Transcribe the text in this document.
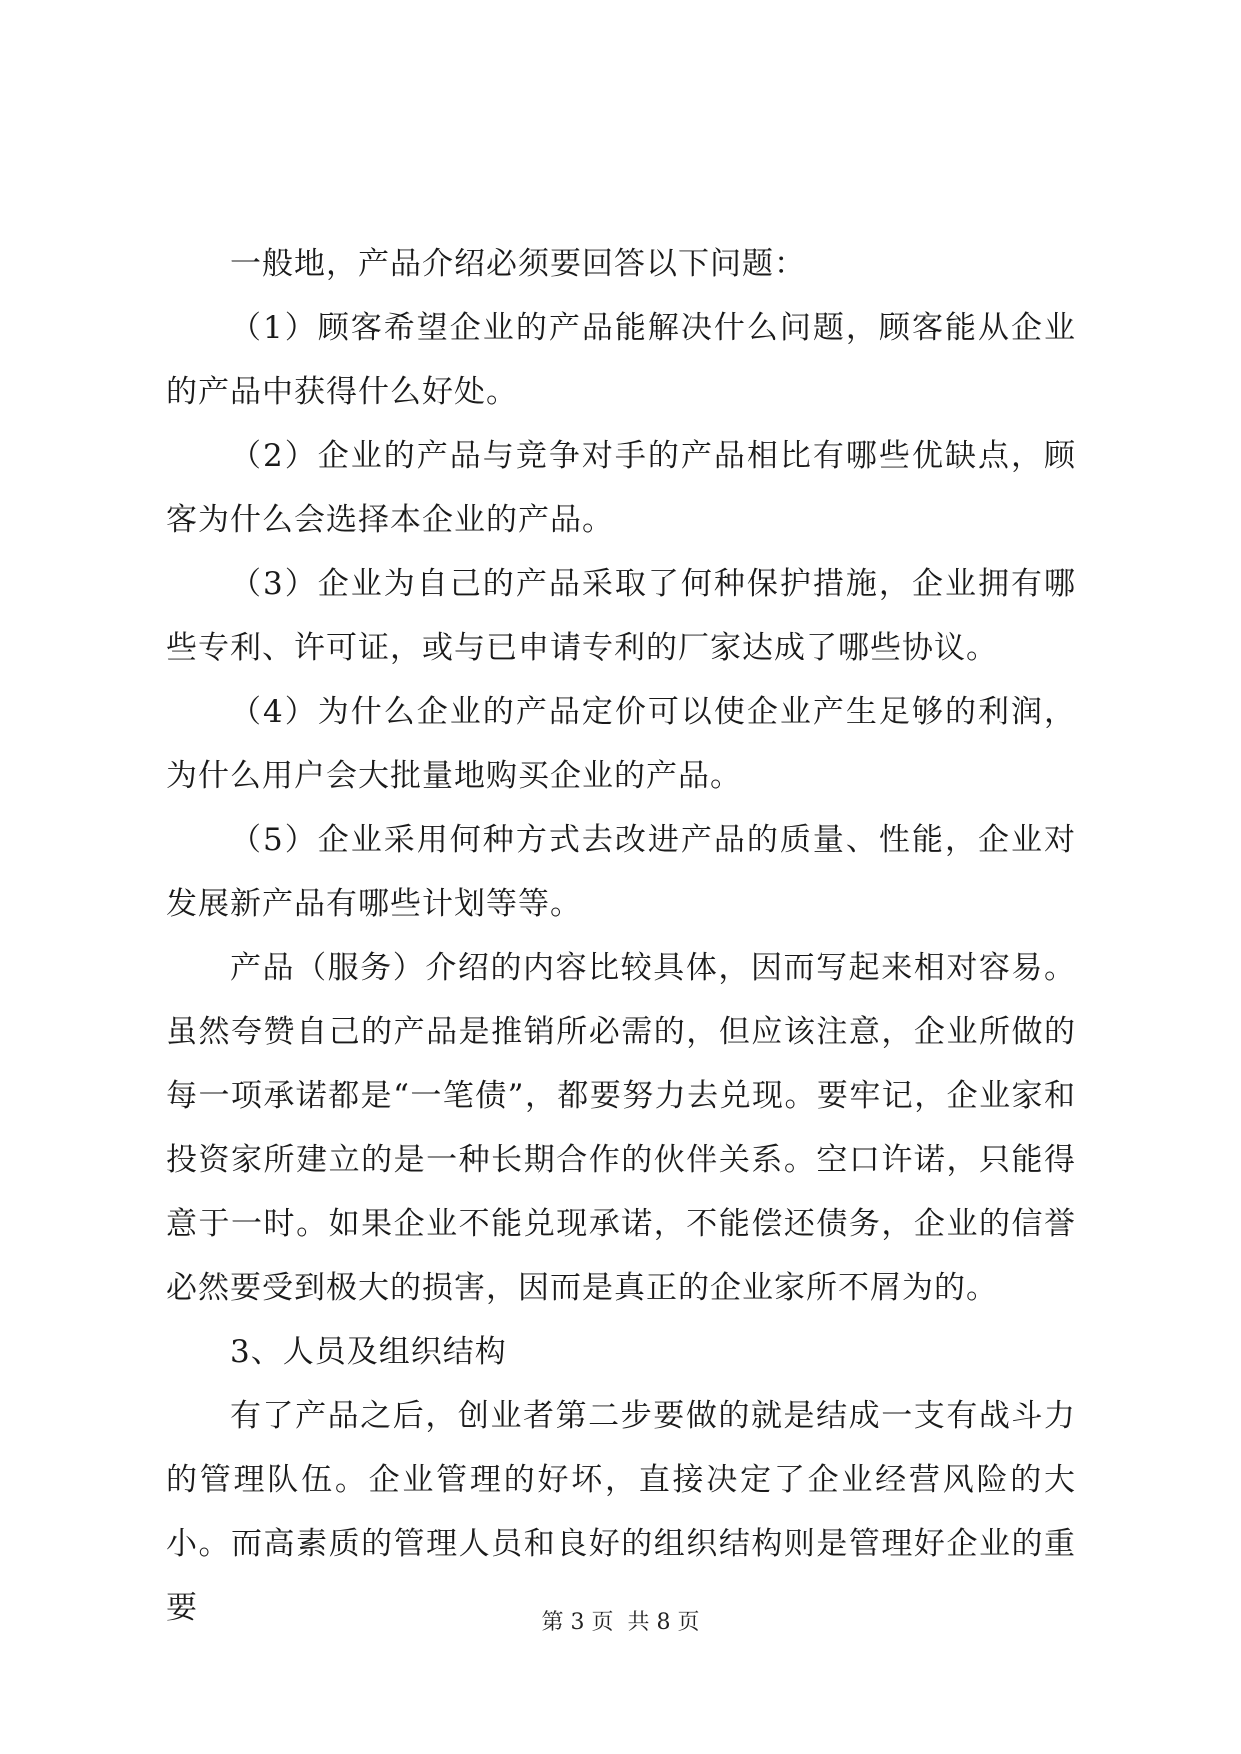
一般地，产品介绍必须要回答以下问题：

（1）顾客希望企业的产品能解决什么问题，顾客能从企业的产品中获得什么好处。

（2）企业的产品与竞争对手的产品相比有哪些优缺点，顾客为什么会选择本企业的产品。

（3）企业为自己的产品采取了何种保护措施，企业拥有哪些专利、许可证，或与已申请专利的厂家达成了哪些协议。

（4）为什么企业的产品定价可以使企业产生足够的利润，为什么用户会大批量地购买企业的产品。

（5）企业采用何种方式去改进产品的质量、性能，企业对发展新产品有哪些计划等等。

产品（服务）介绍的内容比较具体，因而写起来相对容易。虽然夸赞自己的产品是推销所必需的，但应该注意，企业所做的每一项承诺都是“一笔债”，都要努力去兑现。要牢记，企业家和投资家所建立的是一种长期合作的伙伴关系。空口许诺，只能得意于一时。如果企业不能兑现承诺，不能偿还债务，企业的信誉必然要受到极大的损害，因而是真正的企业家所不屑为的。

3、人员及组织结构

有了产品之后，创业者第二步要做的就是结成一支有战斗力的管理队伍。企业管理的好坏，直接决定了企业经营风险的大小。而高素质的管理人员和良好的组织结构则是管理好企业的重要	第 3 页  共 8 页
